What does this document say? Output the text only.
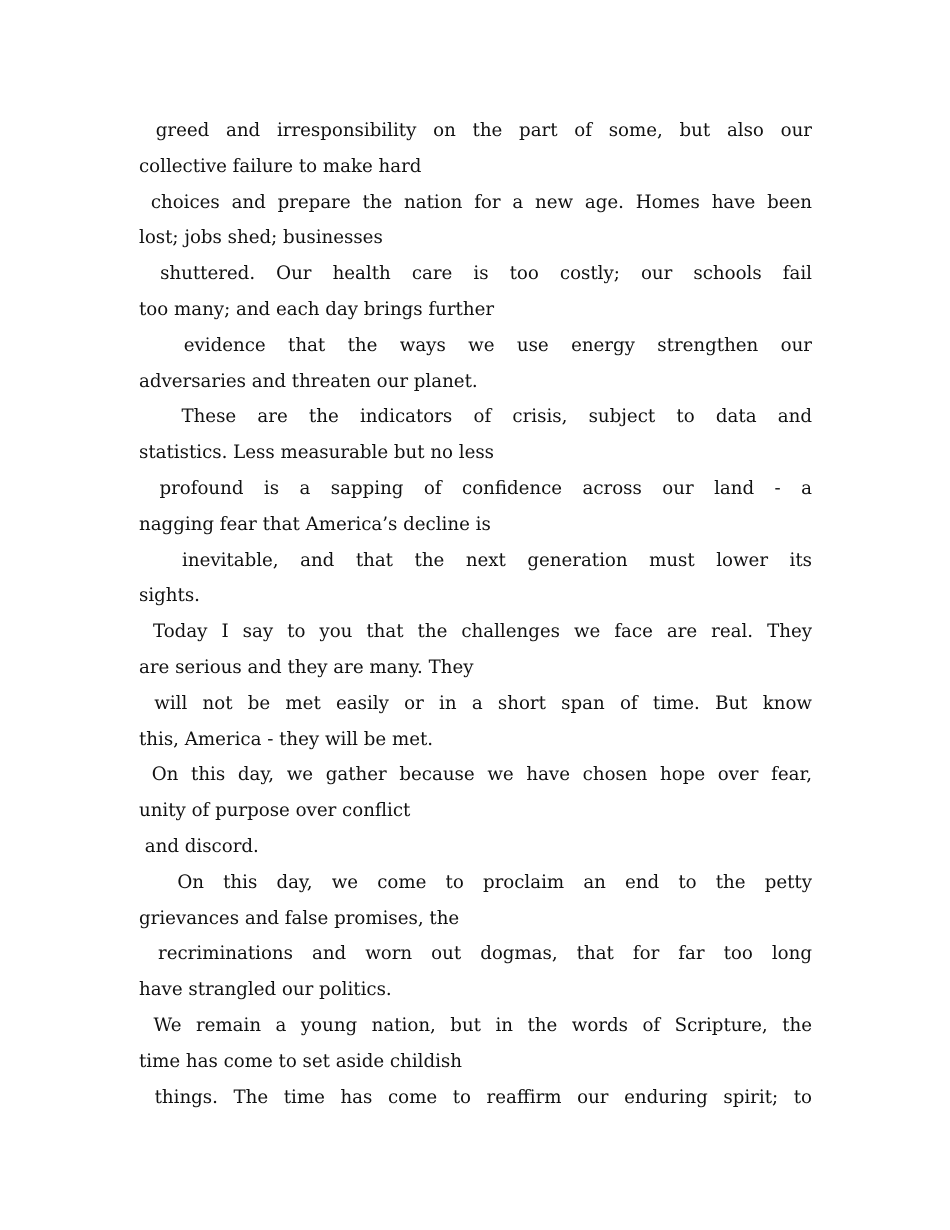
greed and irresponsibility on the part of some, but also our
collective failure to make hard
choices and prepare the nation for a new age. Homes have been
lost; jobs shed; businesses
shuttered. Our health care is too costly; our schools fail
too many; and each day brings further
evidence that the ways we use energy strengthen our
adversaries and threaten our planet.
These are the indicators of crisis, subject to data and
statistics. Less measurable but no less
profound is a sapping of confidence across our land - a
nagging fear that America’s decline is
inevitable, and that the next generation must lower its
sights.
Today I say to you that the challenges we face are real. They
are serious and they are many. They
will not be met easily or in a short span of time. But know
this, America - they will be met.
On this day, we gather because we have chosen hope over fear,
unity of purpose over conflict
and discord.
On this day, we come to proclaim an end to the petty
grievances and false promises, the
recriminations and worn out dogmas, that for far too long
have strangled our politics.
We remain a young nation, but in the words of Scripture, the
time has come to set aside childish
things. The time has come to reaffirm our enduring spirit; to
